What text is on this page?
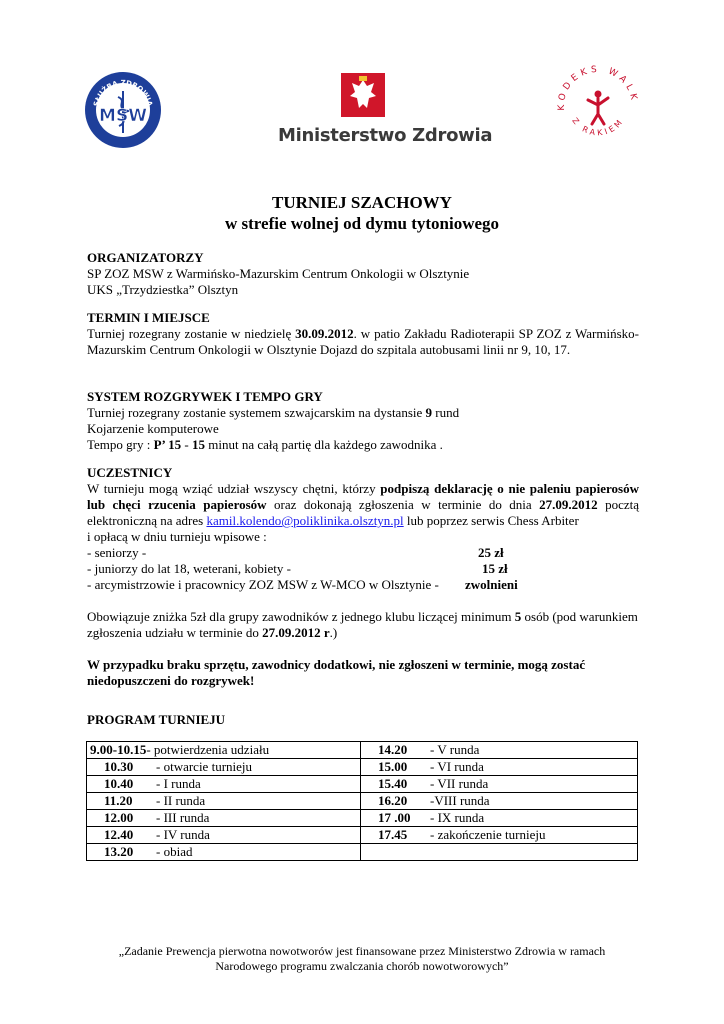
SŁUŻBA ZDROWIA
MSW
Ministerstwo Zdrowia
KODEKS WALK
Z RAKIEM
TURNIEJ SZACHOWY
w strefie wolnej od dymu tytoniowego

ORGANIZATORZY

SP ZOZ MSW z Warmińsko-Mazurskim Centrum Onkologii w Olsztynie

UKS „Trzydziestka” Olsztyn

TERMIN I MIEJSCE

Turniej rozegrany zostanie w niedzielę 30.09.2012. w patio Zakładu Radioterapii SP ZOZ z Warmińsko-Mazurskim Centrum Onkologii w Olsztynie Dojazd do szpitala autobusami linii nr 9, 10, 17.

SYSTEM ROZGRYWEK I TEMPO GRY

Turniej rozegrany zostanie systemem szwajcarskim na dystansie 9 rund

Kojarzenie komputerowe

Tempo gry : P’ 15 - 15 minut na całą partię dla każdego zawodnika .

UCZESTNICY

W turnieju mogą wziąć udział wszyscy chętni, którzy podpiszą deklarację o nie paleniu papierosów lub chęci rzucenia papierosów oraz dokonają zgłoszenia w terminie do dnia 27.09.2012 pocztą elektroniczną na adres kamil.kolendo@poliklinika.olsztyn.pl lub poprzez serwis Chess Arbiter

i opłacą w dniu turnieju wpisowe :

- seniorzy -	25 zł
- juniorzy do lat 18, weterani, kobiety -	15 zł
- arcymistrzowie i pracownicy ZOZ MSW z W-MCO w Olsztynie - zwolnieni

Obowiązuje zniżka 5zł dla grupy zawodników z jednego klubu liczącej minimum 5 osób (pod warunkiem zgłoszenia udziału w terminie do 27.09.2012 r.)

W przypadku braku sprzętu, zawodnicy dodatkowi, nie zgłoszeni w terminie, mogą zostać niedopuszczeni do rozgrywek!

PROGRAM TURNIEJU

9.00-10.15- potwierdzenia udziału	14.20- V runda
10.30 - otwarcie turnieju	15.00- VI runda
10.40 - I runda	15.40- VII runda
11.20 - II runda	16.20-VIII runda
12.00 - III runda	17 .00- IX runda
12.40 - IV runda	17.45- zakończenie turnieju
13.20 - obiad	
„Zadanie Prewencja pierwotna nowotworów jest finansowane przez Ministerstwo Zdrowia w ramach
Narodowego programu zwalczania chorób nowotworowych”
